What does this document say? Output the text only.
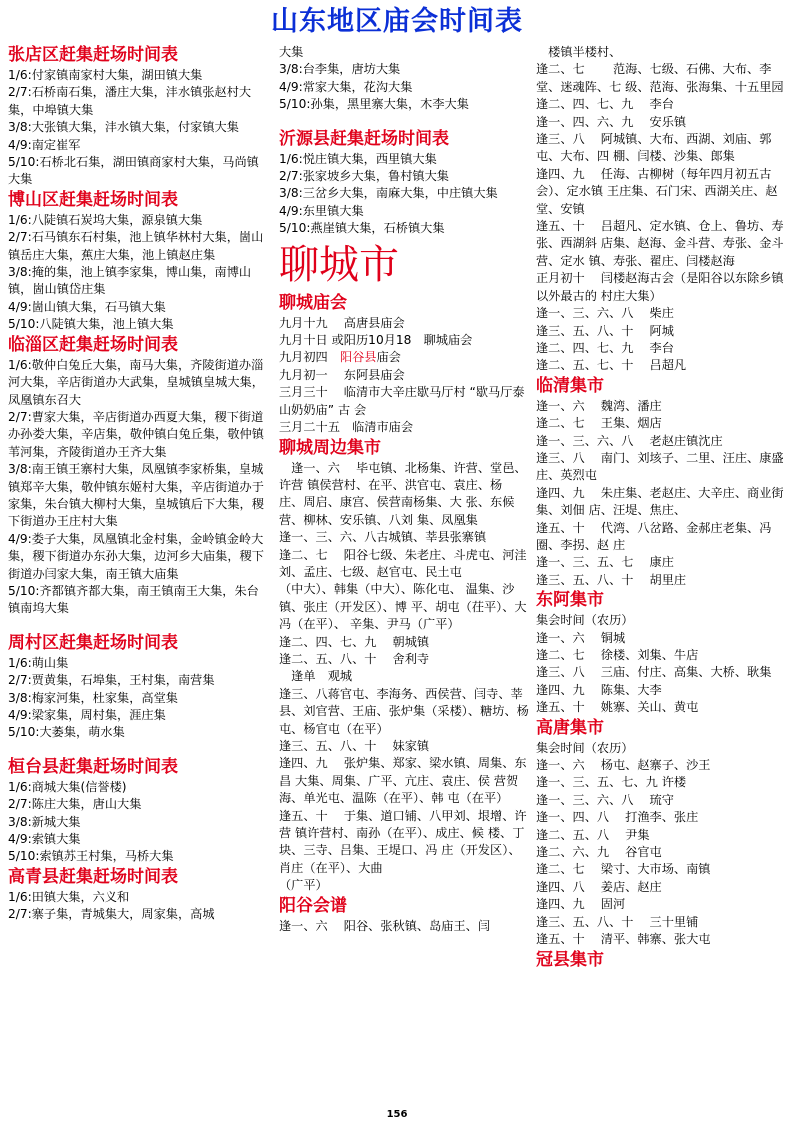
山东地区庙会时间表
张店区赶集赶场时间表
1/6:付家镇南家村大集，湖田镇大集
2/7:石桥南石集，潘庄大集，沣水镇张赵村大集，中埠镇大集
3/8:大张镇大集，沣水镇大集，付家镇大集
4/9:南定崔军
5/10:石桥北石集，湖田镇商家村大集，马尚镇大集
博山区赶集赶场时间表
1/6:八陡镇石炭坞大集，源泉镇大集
2/7:石马镇东石村集，池上镇华林村大集，崮山镇岳庄大集，蕉庄大集，池上镇赵庄集
3/8:掩的集，池上镇李家集，博山集，南博山镇，崮山镇岱庄集
4/9:崮山镇大集，石马镇大集
5/10:八陡镇大集，池上镇大集
临淄区赶集赶场时间表
1/6:敬仲白兔丘大集，南马大集，齐陵街道办淄河大集，辛店街道办大武集，皇城镇皇城大集，凤凰镇东召大
2/7:曹家大集，辛店街道办西夏大集，稷下街道办孙娄大集，辛店集，敬仲镇白兔丘集，敬仲镇苇河集，齐陵街道办王齐大集
3/8:南王镇王寨村大集，凤凰镇李家桥集，皇城镇郑辛大集，敬仲镇东姬村大集，辛店街道办于家集，朱台镇大柳村大集，皇城镇后下大集，稷下街道办王庄村大集
4/9:娄子大集，凤凰镇北金村集，金岭镇金岭大集，稷下街道办东孙大集，边河乡大庙集，稷下街道办闫家大集，南王镇大庙集
5/10:齐都镇齐都大集，南王镇南王大集，朱台镇南坞大集
周村区赶集赶场时间表
1/6:萌山集
2/7:贾黄集，石埠集，王村集，南营集
3/8:梅家河集，杜家集，高堂集
4/9:梁家集，周村集，涯庄集
5/10:大萎集，萌水集
桓台县赶集赶场时间表
1/6:商城大集(信誉楼)
2/7:陈庄大集，唐山大集
3/8:新城大集
4/9:索镇大集
5/10:索镇苏王村集，马桥大集
高青县赶集赶场时间表
1/6:田镇大集，六义和
2/7:寨子集，青城集大，周家集，高城
大集
3/8:台李集，唐坊大集
4/9:常家大集，花沟大集
5/10:孙集，黑里寨大集，木李大集
沂源县赶集赶场时间表
1/6:悦庄镇大集，西里镇大集
2/7:张家坡乡大集，鲁村镇大集
3/8:三岔乡大集，南麻大集，中庄镇大集
4/9:东里镇大集
5/10:燕崖镇大集，石桥镇大集
聊城市
聊城庙会
九月十九　 高唐县庙会
九月十日 或阳历10月18　聊城庙会
九月初四　阳谷县庙会
九月初一　 东阿县庙会
三月三十　 临清市大辛庄歇马厅村 “歇马厅泰山奶奶庙” 古 会
三月二十五　临清市庙会
聊城周边集市
　逢一、六　 毕屯镇、北杨集、许营、堂邑、许营 镇侯营村、在平、洪官屯、袁庄、杨 庄、周启、康宫、侯营南杨集、大 张、东候营、柳林、安乐镇、八刘 集、凤凰集
逢一、三、六、八古城镇、莘县张寨镇
逢二、七　 阳谷七级、朱老庄、斗虎屯、河洼 刘、孟庄、七级、赵官屯、民土屯
（中大）、韩集（中大）、陈化屯、 温集、沙镇、张庄（开发区）、博 平、胡屯（茌平）、大冯（在平）、 辛集、尹马（广平）
逢二、四、七、九　 朝城镇
逢二、五、八、十　 舍利寺
　逢单　观城
逢三、八蒋官屯、李海务、西侯营、闫寺、莘 县、刘官营、王庙、张炉集（采楼）、糖坊、杨屯、杨官屯（在平）
逢三、五、八、十　 妹家镇
逢四、九　 张炉集、郑家、梁水镇、周集、东昌 大集、周集、广平、亢庄、袁庄、侯 营贺海、单光屯、温陈（在平）、韩 屯（在平）
逢五、十　 于集、道口铺、八甲刘、垠增、许营 镇许营村、南孙（在平）、成庄、候 楼、丁块、三寺、吕集、王堤口、冯 庄（开发区）、肖庄（在平）、大曲
（广平）
阳谷会谱
逢一、六　 阳谷、张秋镇、岛庙王、闫
　楼镇半楼村、
逢二、七　　 范海、七级、石佛、大布、李堂、迷魂阵、七 级、范海、张海集、十五里园
逢二、四、七、九　 李台
逢一、四、六、九　 安乐镇
逢三、八　 阿城镇、大布、西湖、刘庙、郭屯、大布、四 棚、闫楼、沙集、郎集
逢四、九　 任海、古柳树（每年四月初五古会）、定水镇 王庄集、石门宋、西湖关庄、赵堂、安镇
逢五、十　 吕超凡、定水镇、仓上、鲁坊、寿张、西湖斜 店集、赵海、金斗营、寿张、金斗营、定水 镇、寿张、翟庄、闫楼赵海
正月初十　 闫楼赵海古会（是阳谷以东除乡镇以外最古的 村庄大集）
逢一、三、六、八　 柴庄
逢三、五、八、十　 阿城
逢二、四、七、九　 李台
逢二、五、七、十　 吕超凡
临清集市
逢一、六　 魏湾、潘庄
逢二、七　 王集、烟店
逢一、三、六、八　 老赵庄镇沈庄
逢三、八　 南门、刘垓子、二里、汪庄、康盛庄、英烈屯
逢四、九　 朱庄集、老赵庄、大辛庄、商业街集、刘佃 店、汪堤、焦庄、
逢五、十　 代湾、八岔路、金郝庄老集、冯圈、李拐、赵 庄
逢一、三、五、七　 康庄
逢三、五、八、十　 胡里庄
东阿集市
集会时间（农历）
逢一、六　 铜城
逢二、七　 徐楼、刘集、牛店
逢三、八　 三庙、付庄、高集、大桥、耿集
逢四、九　 陈集、大李
逢五、十　 姚寨、关山、黄屯
高唐集市
集会时间（农历）
逢一、六　 杨屯、赵寨子、沙王
逢一、三、五、七、九 许楼
逢一、三、六、八　 琉守
逢一、四、八　 打渔李、张庄
逢二、五、八　 尹集
逢二、六、九　 谷官屯
逢二、七　 梁寸、大市场、南镇
逢四、八　 姜店、赵庄
逢四、九　 固河
逢三、五、八、十　 三十里铺
逢五、十　 清平、韩寨、张大屯
冠县集市
156
